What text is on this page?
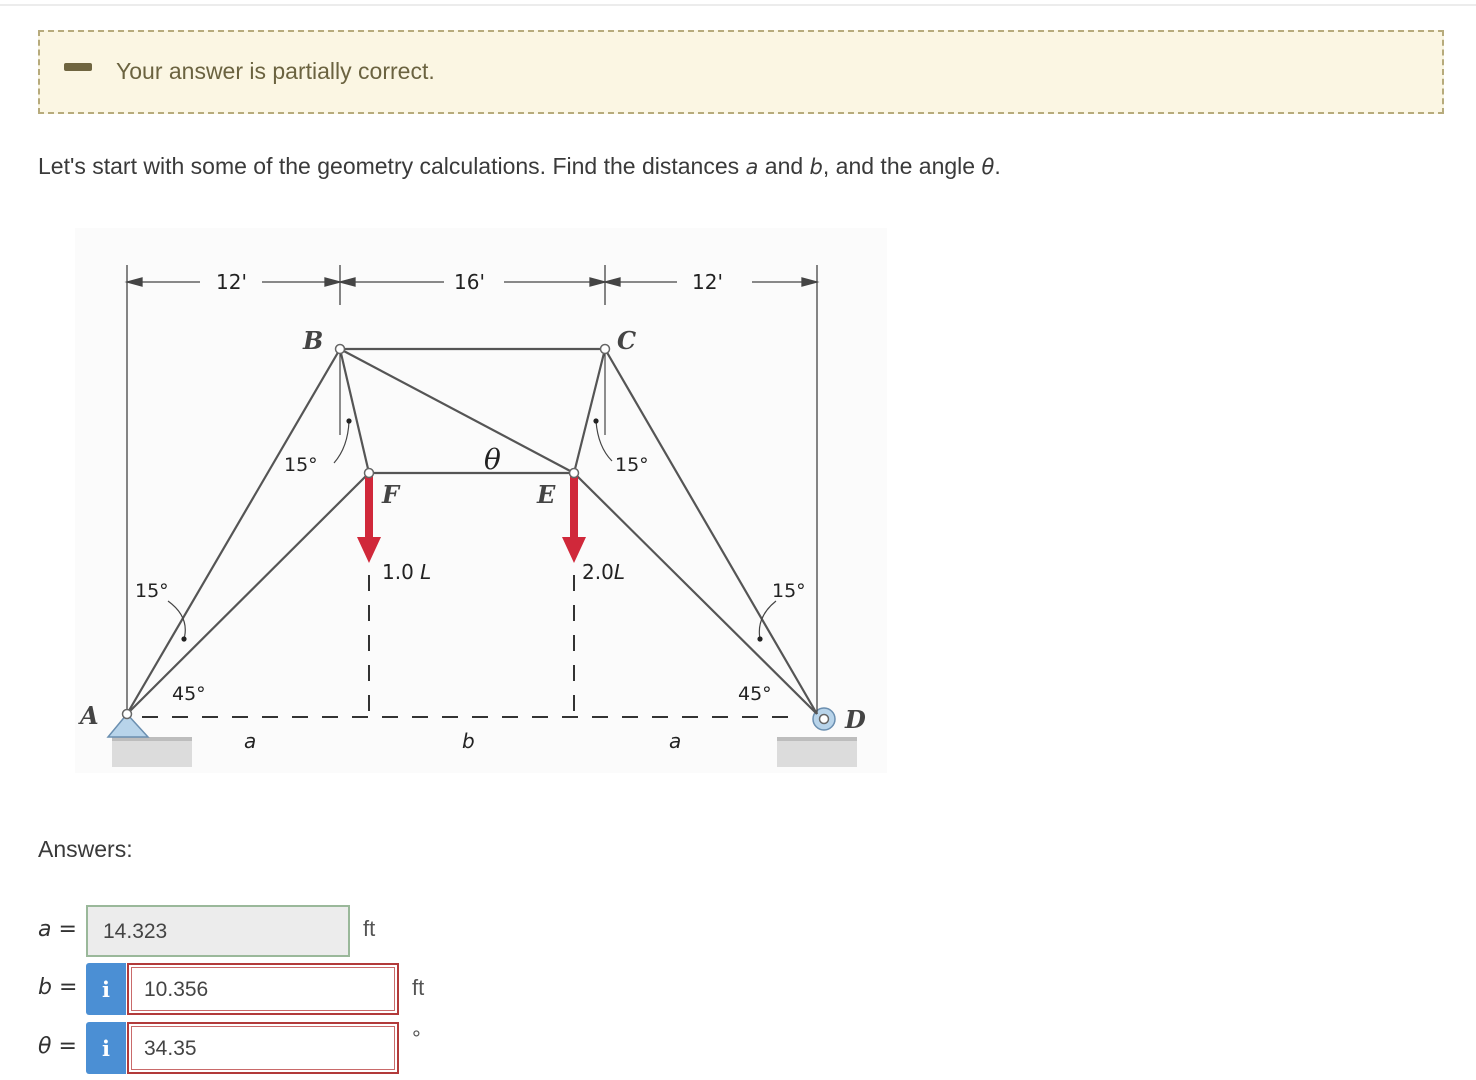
Your answer is partially correct.
Let's start with some of the geometry calculations. Find the distances a and b, and the angle θ.
12'	16'	12'
B	C
A	D
E
F
θ
15°	15°
15°
45°
15°
45°
1.0 L	2.0L
a	b	a
Answers:
a =	14.323	ft
b =	i	10.356	ft
θ =	i	34.35	°
